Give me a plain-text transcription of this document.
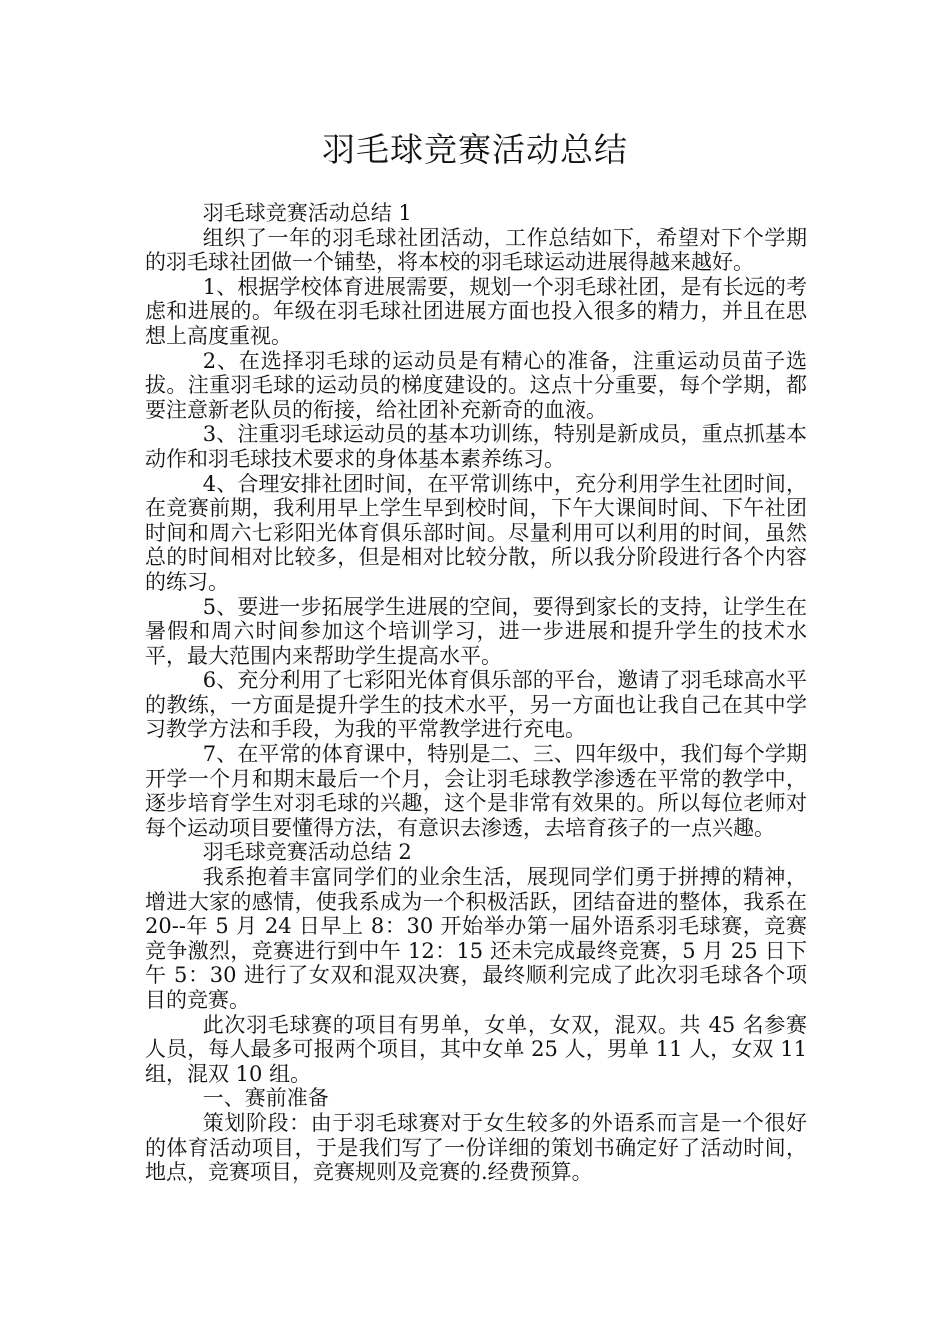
羽毛球竞赛活动总结

羽毛球竞赛活动总结 1

组织了一年的羽毛球社团活动，工作总结如下，希望对下个学期的羽毛球社团做一个铺垫，将本校的羽毛球运动进展得越来越好。

1、根据学校体育进展需要，规划一个羽毛球社团，是有长远的考虑和进展的。年级在羽毛球社团进展方面也投入很多的精力，并且在思想上高度重视。

2、在选择羽毛球的运动员是有精心的准备，注重运动员苗子选拔。注重羽毛球的运动员的梯度建设的。这点十分重要，每个学期，都要注意新老队员的衔接，给社团补充新奇的血液。

3、注重羽毛球运动员的基本功训练，特别是新成员，重点抓基本动作和羽毛球技术要求的身体基本素养练习。

4、合理安排社团时间，在平常训练中，充分利用学生社团时间，在竞赛前期，我利用早上学生早到校时间，下午大课间时间、下午社团时间和周六七彩阳光体育俱乐部时间。尽量利用可以利用的时间，虽然总的时间相对比较多，但是相对比较分散，所以我分阶段进行各个内容的练习。

5、要进一步拓展学生进展的空间，要得到家长的支持，让学生在暑假和周六时间参加这个培训学习，进一步进展和提升学生的技术水平，最大范围内来帮助学生提高水平。

6、充分利用了七彩阳光体育俱乐部的平台，邀请了羽毛球高水平的教练，一方面是提升学生的技术水平，另一方面也让我自己在其中学习教学方法和手段，为我的平常教学进行充电。

7、在平常的体育课中，特别是二、三、四年级中，我们每个学期开学一个月和期末最后一个月，会让羽毛球教学渗透在平常的教学中，逐步培育学生对羽毛球的兴趣，这个是非常有效果的。所以每位老师对每个运动项目要懂得方法，有意识去渗透，去培育孩子的一点兴趣。

羽毛球竞赛活动总结 2

我系抱着丰富同学们的业余生活，展现同学们勇于拼搏的精神，增进大家的感情，使我系成为一个积极活跃，团结奋进的整体，我系在 20--年 5 月 24 日早上 8：30 开始举办第一届外语系羽毛球赛，竞赛竞争激烈，竞赛进行到中午 12：15 还未完成最终竞赛，5 月 25 日下午 5：30 进行了女双和混双决赛，最终顺利完成了此次羽毛球各个项目的竞赛。

此次羽毛球赛的项目有男单，女单，女双，混双。共 45 名参赛人员，每人最多可报两个项目，其中女单 25 人，男单 11 人，女双 11 组，混双 10 组。

一、赛前准备

策划阶段：由于羽毛球赛对于女生较多的外语系而言是一个很好的体育活动项目，于是我们写了一份详细的策划书确定好了活动时间，地点，竞赛项目，竞赛规则及竞赛的.经费预算。
